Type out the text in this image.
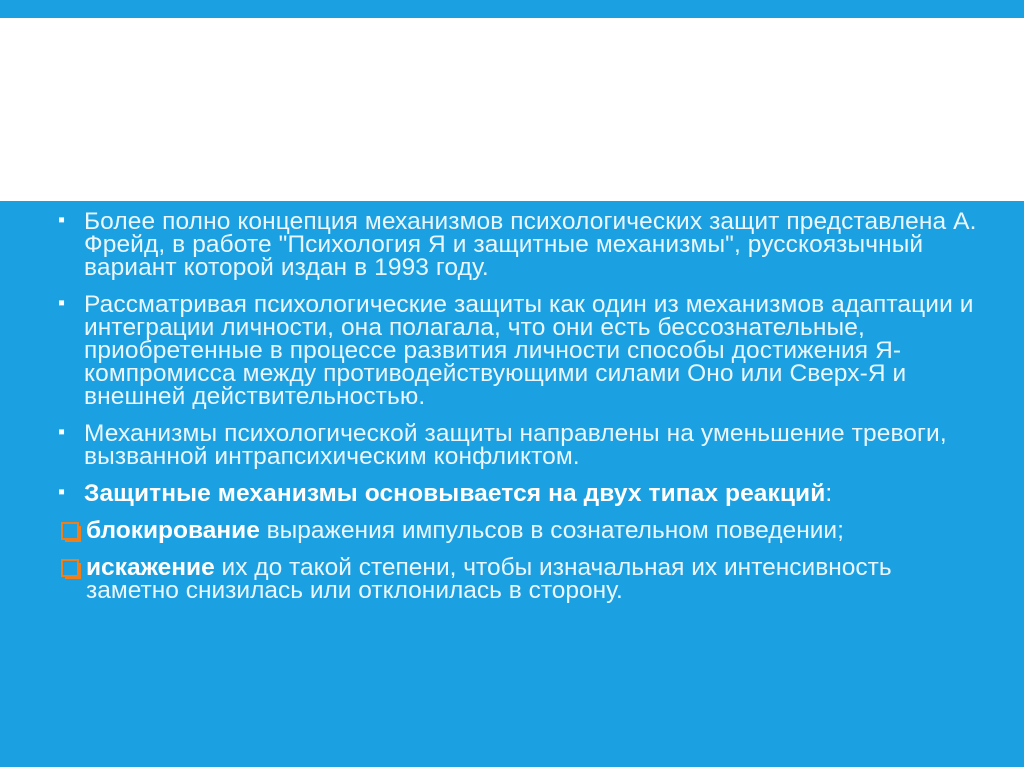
▪ Более полно концепция механизмов психологических защит представлена А. Фрейд, в работе "Психология Я и защитные механизмы", русскоязычный вариант которой издан в 1993 году.
▪ Рассматривая психологические защиты как один из механизмов адаптации и интеграции личности, она полагала, что они есть бессознательные, приобретенные в процессе развития личности способы достижения Я- компромисса между противодействующими силами Оно или Сверх-Я и внешней действительностью.
▪ Механизмы психологической защиты направлены на уменьшение тревоги, вызванной интрапсихическим конфликтом.
▪ Защитные механизмы основывается на двух типах реакций:
блокирование выражения импульсов в сознательном поведении;
искажение их до такой степени, чтобы изначальная их интенсивность заметно снизилась или отклонилась в сторону.
